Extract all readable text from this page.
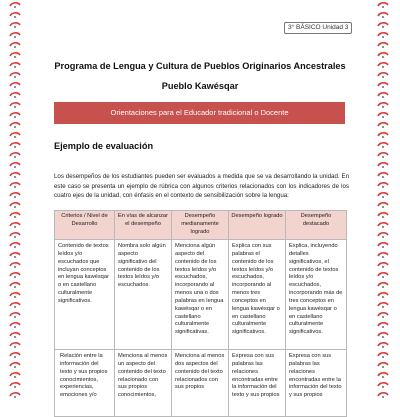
3° BÁSICO Unidad 3
Programa de Lengua y Cultura de Pueblos Originarios Ancestrales
Pueblo Kawésqar
Orientaciones para el Educador tradicional o Docente
Ejemplo de evaluación

Los desempeños de los estudiantes pueden ser evaluados a medida que se va desarrollando la unidad. En este caso se presenta un ejemplo de rúbrica con algunos criterios relacionados con los indicadores de los cuatro ejes de la unidad, con énfasis en el contexto de sensibilización sobre la lengua:

Criterios / Nivel de Desarrollo	En vías de alcanzar el desempeño	Desempeño medianamente logrado	Desempeño logrado	Desempeño destacado
Contenido de textos leídos y/o escuchados que incluyan conceptos en lengua kawésqar o en castellano culturalmente significativos.	Nombra solo algún aspecto significativo del contenido de los textos leídos y/o escuchados.	Menciona algún aspecto del contenido de los textos leídos y/o escuchados, incorporando al menos una o dos palabras en lengua kawésqar o en castellano culturalmente significativas.	Explica con sus palabras el contenido de los textos leídos y/o escuchados, incorporando al menos tres conceptos en lengua kawésqar o en castellano culturalmente significativos.	Explica, incluyendo detalles significativos, el contenido de textos leídos y/o escuchados, incorporando más de tres conceptos en lengua kawésqar o en castellano culturalmente significativos.
Relación entre la información del texto y sus propios conocimientos, experiencias, emociones y/o	Menciona al menos un aspecto del contenido del texto relacionado con sus propios conocimientos,	Menciona al menos dos aspectos del contenido del texto relacionados con sus propios	Expresa con sus palabras las relaciones encontradas entre la información del texto y sus propios	Expresa con sus palabras las relaciones encontradas entre la información del texto y sus propios
